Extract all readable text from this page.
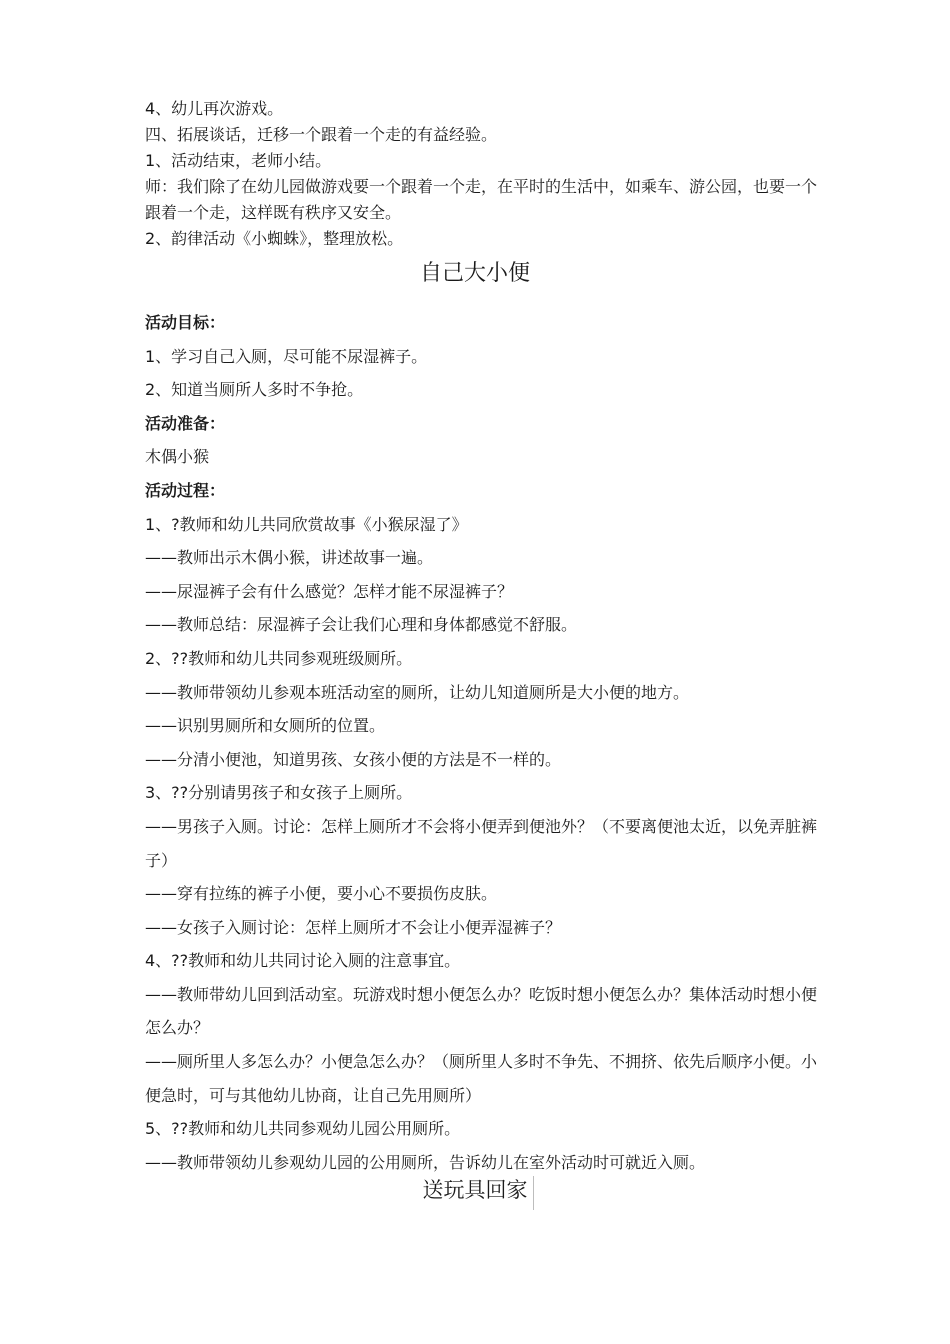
4、幼儿再次游戏。

四、拓展谈话，迁移一个跟着一个走的有益经验。

1、活动结束，老师小结。

师：我们除了在幼儿园做游戏要一个跟着一个走，在平时的生活中，如乘车、游公园，也要一个跟着一个走，这样既有秩序又安全。

2、韵律活动《小蜘蛛》，整理放松。

自己大小便

活动目标：

1、学习自己入厕，尽可能不尿湿裤子。

2、知道当厕所人多时不争抢。

活动准备：

木偶小猴

活动过程：

1、?教师和幼儿共同欣赏故事《小猴尿湿了》

——教师出示木偶小猴，讲述故事一遍。

——尿湿裤子会有什么感觉？怎样才能不尿湿裤子？

——教师总结：尿湿裤子会让我们心理和身体都感觉不舒服。

2、??教师和幼儿共同参观班级厕所。

——教师带领幼儿参观本班活动室的厕所，让幼儿知道厕所是大小便的地方。

——识别男厕所和女厕所的位置。

——分清小便池，知道男孩、女孩小便的方法是不一样的。

3、??分别请男孩子和女孩子上厕所。

——男孩子入厕。讨论：怎样上厕所才不会将小便弄到便池外？（不要离便池太近，以免弄脏裤子）

——穿有拉练的裤子小便，要小心不要损伤皮肤。

——女孩子入厕讨论：怎样上厕所才不会让小便弄湿裤子？

4、??教师和幼儿共同讨论入厕的注意事宜。

——教师带幼儿回到活动室。玩游戏时想小便怎么办？吃饭时想小便怎么办？集体活动时想小便怎么办？

——厕所里人多怎么办？小便急怎么办？（厕所里人多时不争先、不拥挤、依先后顺序小便。小便急时，可与其他幼儿协商，让自己先用厕所）

5、??教师和幼儿共同参观幼儿园公用厕所。

——教师带领幼儿参观幼儿园的公用厕所，告诉幼儿在室外活动时可就近入厕。

送玩具回家
